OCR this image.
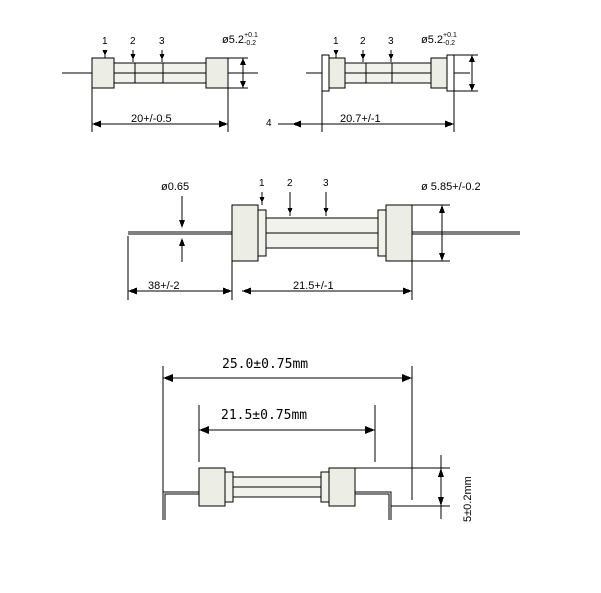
1 2 3	ø5.2 +0.1
-0.2
20+/-0.5
1 2 3 ø5.2 +0.1
-0.2
4	20.7+/-1
ø0.65	1 2	3	ø 5.85+/-0.2
38+/-2	21.5+/-1
25.0±0.75mm
21.5±0.75mm
5±0.2mm
